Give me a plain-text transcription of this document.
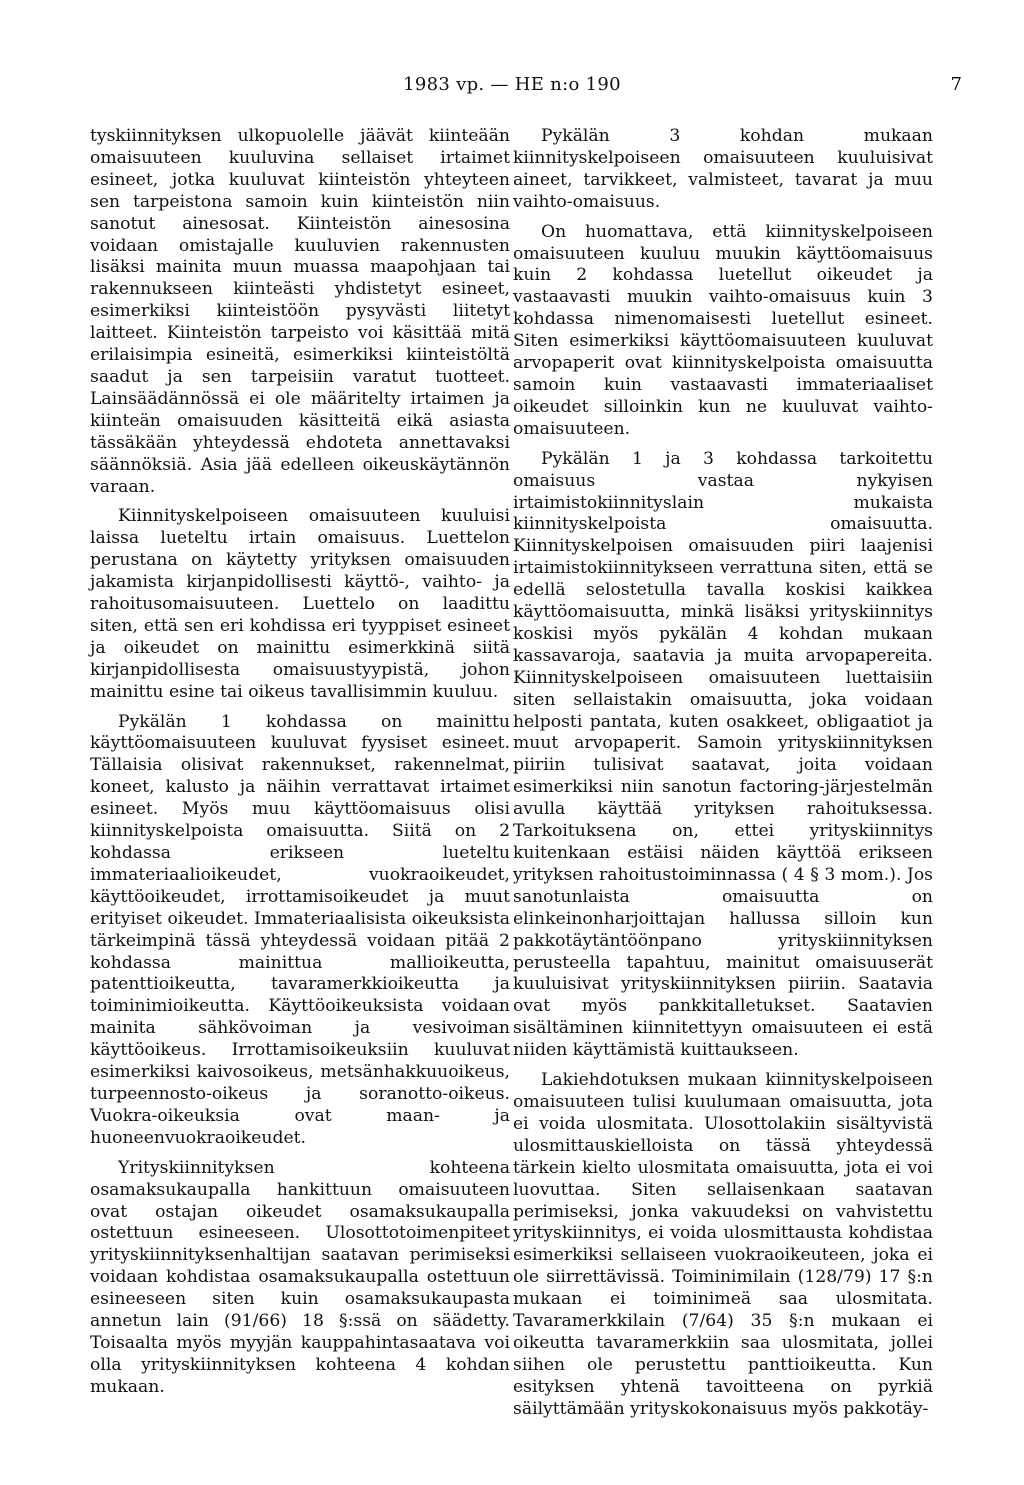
1983 vp. — HE n:o 190	7

tyskiinnityksen ulkopuolelle jäävät kiinteään omaisuuteen kuuluvina sellaiset irtaimet esineet, jotka kuuluvat kiinteistön yhteyteen sen tarpeistona samoin kuin kiinteistön niin sanotut ainesosat. Kiinteistön ainesosina voidaan omistajalle kuuluvien rakennusten lisäksi mainita muun muassa maapohjaan tai rakennukseen kiinteästi yhdistetyt esineet, esimerkiksi kiinteistöön pysyvästi liitetyt laitteet. Kiinteistön tarpeisto voi käsittää mitä erilaisimpia esineitä, esimerkiksi kiinteistöltä saadut ja sen tarpeisiin varatut tuotteet. Lainsäädännössä ei ole määritelty irtaimen ja kiinteän omaisuuden käsitteitä eikä asiasta tässäkään yhteydessä ehdoteta annettavaksi säännöksiä. Asia jää edelleen oikeuskäytännön varaan.

Kiinnityskelpoiseen omaisuuteen kuuluisi laissa lueteltu irtain omaisuus. Luettelon perustana on käytetty yrityksen omaisuuden jakamista kirjanpidollisesti käyttö-, vaihto- ja rahoitusomaisuuteen. Luettelo on laadittu siten, että sen eri kohdissa eri tyyppiset esineet ja oikeudet on mainittu esimerkkinä siitä kirjanpidollisesta omaisuustyypistä, johon mainittu esine tai oikeus tavallisimmin kuuluu.

Pykälän 1 kohdassa on mainittu käyttöomaisuuteen kuuluvat fyysiset esineet. Tällaisia olisivat rakennukset, rakennelmat, koneet, kalusto ja näihin verrattavat irtaimet esineet. Myös muu käyttöomaisuus olisi kiinnityskelpoista omaisuutta. Siitä on 2 kohdassa erikseen lueteltu immateriaalioikeudet, vuokraoikeudet, käyttöoikeudet, irrottamisoikeudet ja muut erityiset oikeudet. Immateriaalisista oikeuksista tärkeimpinä tässä yhteydessä voidaan pitää 2 kohdassa mainittua mallioikeutta, patenttioikeutta, tavaramerkkioikeutta ja toiminimioikeutta. Käyttöoikeuksista voidaan mainita sähkövoiman ja vesivoiman käyttöoikeus. Irrottamisoikeuksiin kuuluvat esimerkiksi kaivosoikeus, metsänhakkuuoikeus, turpeennosto-oikeus ja soranotto-oikeus. Vuokra-oikeuksia ovat maan- ja huoneenvuokraoikeudet.

Yrityskiinnityksen kohteena osamaksukaupalla hankittuun omaisuuteen ovat ostajan oikeudet osamaksukaupalla ostettuun esineeseen. Ulosottotoimenpiteet yrityskiinnityksenhaltijan saatavan perimiseksi voidaan kohdistaa osamaksukaupalla ostettuun esineeseen siten kuin osamaksukaupasta annetun lain (91/66) 18 §:ssä on säädetty. Toisaalta myös myyjän kauppahintasaatava voi olla yrityskiinnityksen kohteena 4 kohdan mukaan.

Pykälän 3 kohdan mukaan kiinnityskelpoiseen omaisuuteen kuuluisivat aineet, tarvikkeet, valmisteet, tavarat ja muu vaihto-omaisuus.

On huomattava, että kiinnityskelpoiseen omaisuuteen kuuluu muukin käyttöomaisuus kuin 2 kohdassa luetellut oikeudet ja vastaavasti muukin vaihto-omaisuus kuin 3 kohdassa nimenomaisesti luetellut esineet. Siten esimerkiksi käyttöomaisuuteen kuuluvat arvopaperit ovat kiinnityskelpoista omaisuutta samoin kuin vastaavasti immateriaaliset oikeudet silloinkin kun ne kuuluvat vaihto-omaisuuteen.

Pykälän 1 ja 3 kohdassa tarkoitettu omaisuus vastaa nykyisen irtaimistokiinnityslain mukaista kiinnityskelpoista omaisuutta. Kiinnityskelpoisen omaisuuden piiri laajenisi irtaimistokiinnitykseen verrattuna siten, että se edellä selostetulla tavalla koskisi kaikkea käyttöomaisuutta, minkä lisäksi yrityskiinnitys koskisi myös pykälän 4 kohdan mukaan kassavaroja, saatavia ja muita arvopapereita. Kiinnityskelpoiseen omaisuuteen luettaisiin siten sellaistakin omaisuutta, joka voidaan helposti pantata, kuten osakkeet, obligaatiot ja muut arvopaperit. Samoin yrityskiinnityksen piiriin tulisivat saatavat, joita voidaan esimerkiksi niin sanotun factoring-järjestelmän avulla käyttää yrityksen rahoituksessa. Tarkoituksena on, ettei yrityskiinnitys kuitenkaan estäisi näiden käyttöä erikseen yrityksen rahoitustoiminnassa ( 4 § 3 mom.). Jos sanotunlaista omaisuutta on elinkeinonharjoittajan hallussa silloin kun pakkotäytäntöönpano yrityskiinnityksen perusteella tapahtuu, mainitut omaisuuserät kuuluisivat yrityskiinnityksen piiriin. Saatavia ovat myös pankkitalletukset. Saatavien sisältäminen kiinnitettyyn omaisuuteen ei estä niiden käyttämistä kuittaukseen.

Lakiehdotuksen mukaan kiinnityskelpoiseen omaisuuteen tulisi kuulumaan omaisuutta, jota ei voida ulosmitata. Ulosottolakiin sisältyvistä ulosmittauskielloista on tässä yhteydessä tärkein kielto ulosmitata omaisuutta, jota ei voi luovuttaa. Siten sellaisenkaan saatavan perimiseksi, jonka vakuudeksi on vahvistettu yrityskiinnitys, ei voida ulosmittausta kohdistaa esimerkiksi sellaiseen vuokraoikeuteen, joka ei ole siirrettävissä. Toiminimilain (128/79) 17 §:n mukaan ei toiminimeä saa ulosmitata. Tavaramerkkilain (7/64) 35 §:n mukaan ei oikeutta tavaramerkkiin saa ulosmitata, jollei siihen ole perustettu panttioikeutta. Kun esityksen yhtenä tavoitteena on pyrkiä säilyttämään yrityskokonaisuus myös pakkotäy-
